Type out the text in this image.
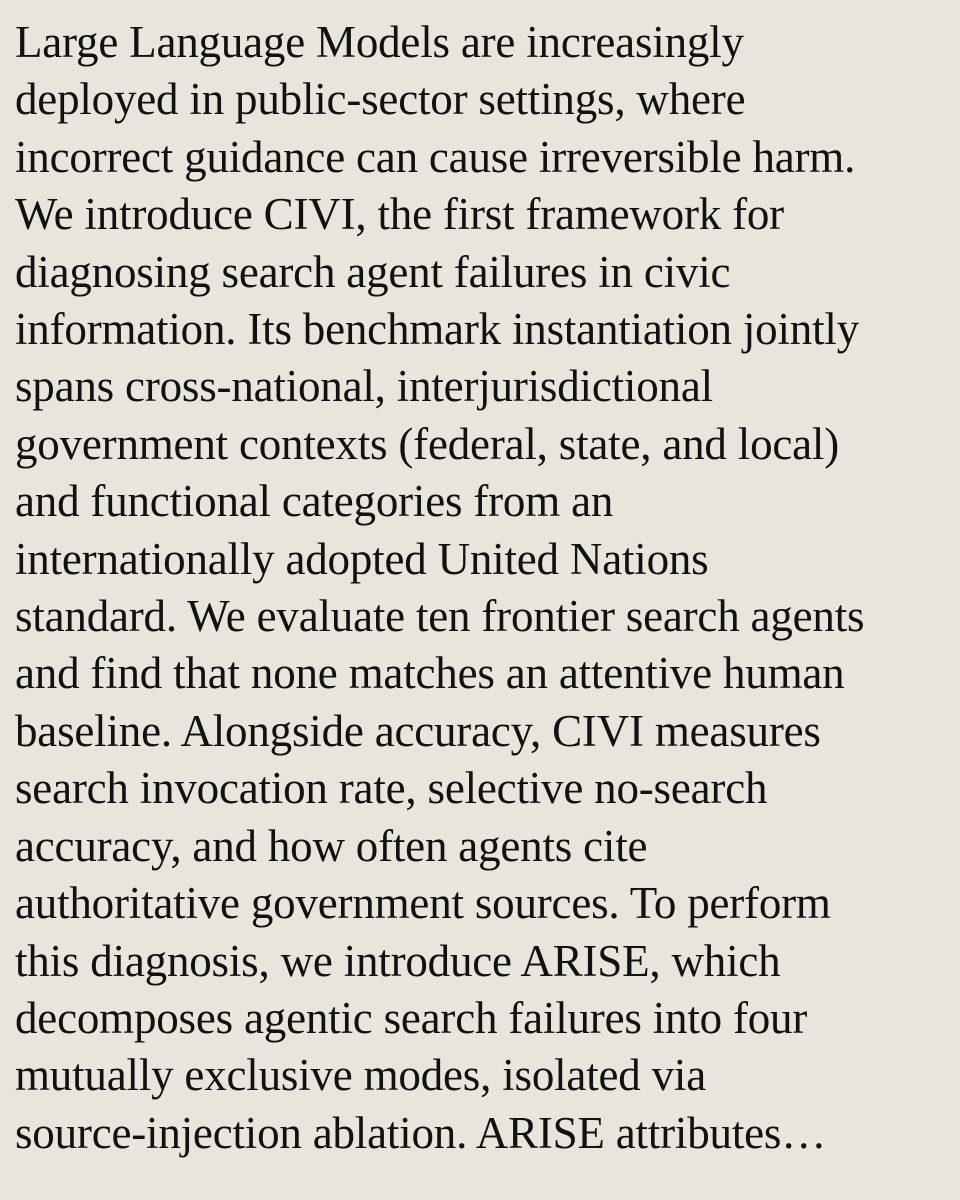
Large Language Models are increasingly
deployed in public-sector settings, where
incorrect guidance can cause irreversible harm.
We introduce CIVI, the first framework for
diagnosing search agent failures in civic
information. Its benchmark instantiation jointly
spans cross-national, interjurisdictional
government contexts (federal, state, and local)
and functional categories from an
internationally adopted United Nations
standard. We evaluate ten frontier search agents
and find that none matches an attentive human
baseline. Alongside accuracy, CIVI measures
search invocation rate, selective no-search
accuracy, and how often agents cite
authoritative government sources. To perform
this diagnosis, we introduce ARISE, which
decomposes agentic search failures into four
mutually exclusive modes, isolated via
source-injection ablation. ARISE attributes…
